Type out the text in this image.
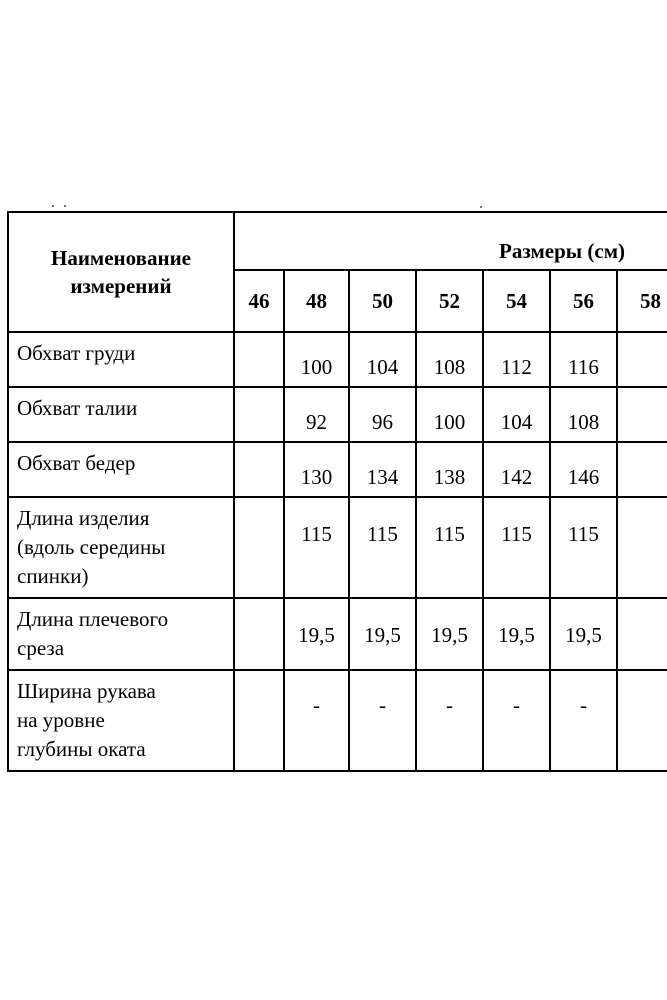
Наименование
измерений	Размеры (см)						

	46	48	50	52	54	56	58

Обхват груди		100	104	108	112	116	

Обхват талии		92	96	100	104	108	

Обхват бедер		130	134	138	142	146	

Длина изделия
(вдоль середины
спинки)		115	115	115	115	115	

Длина плечевого
среза		19,5	19,5	19,5	19,5	19,5	

Ширина рукава
на уровне
глубины оката		-	-	-	-	-	
